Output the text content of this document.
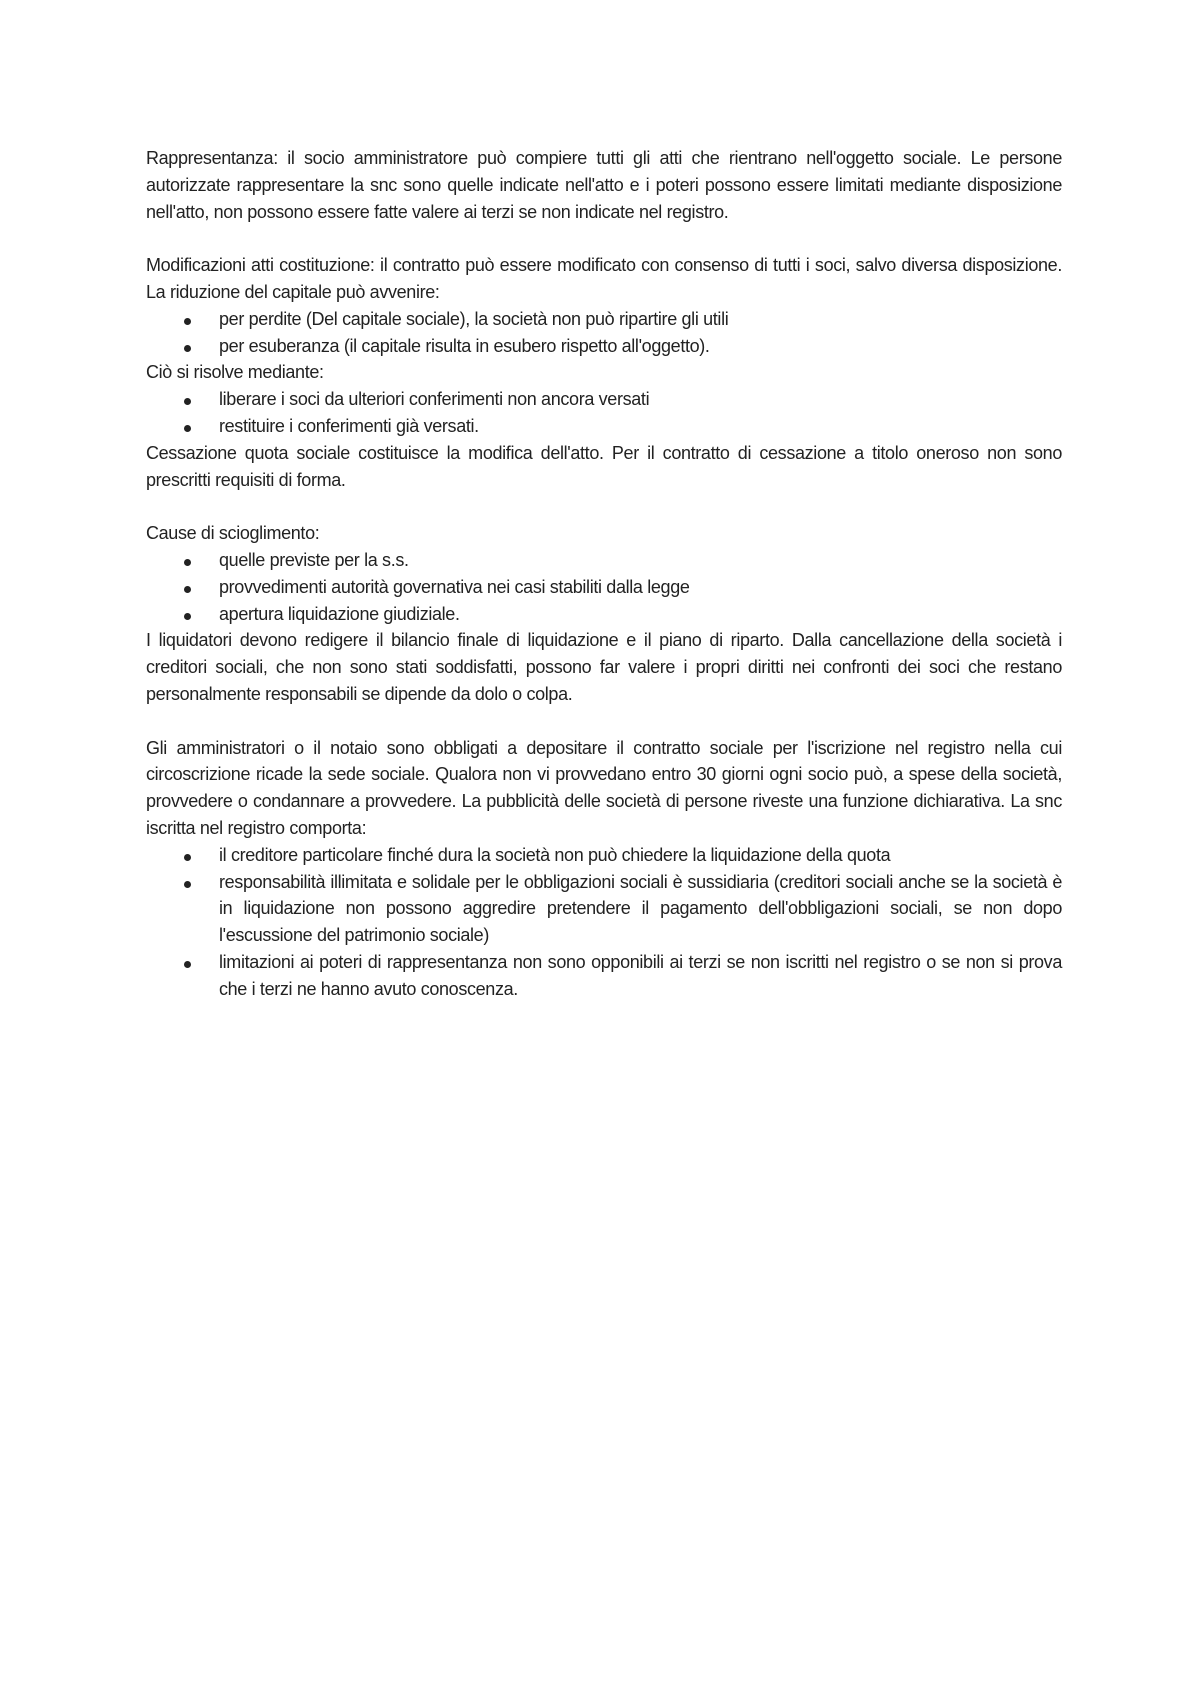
Rappresentanza: il socio amministratore può compiere tutti gli atti che rientrano nell'oggetto sociale. Le persone autorizzate rappresentare la snc sono quelle indicate nell'atto e i poteri possono essere limitati mediante disposizione nell'atto, non possono essere fatte valere ai terzi se non indicate nel registro.

Modificazioni atti costituzione: il contratto può essere modificato con consenso di tutti i soci, salvo diversa disposizione. La riduzione del capitale può avvenire:

per perdite (Del capitale sociale), la società non può ripartire gli utili
per esuberanza (il capitale risulta in esubero rispetto all'oggetto).

Ciò si risolve mediante:

liberare i soci da ulteriori conferimenti non ancora versati
restituire i conferimenti già versati.

Cessazione quota sociale costituisce la modifica dell'atto. Per il contratto di cessazione a titolo oneroso non sono prescritti requisiti di forma.

Cause di scioglimento:

quelle previste per la s.s.
provvedimenti autorità governativa nei casi stabiliti dalla legge
apertura liquidazione giudiziale.

I liquidatori devono redigere il bilancio finale di liquidazione e il piano di riparto. Dalla cancellazione della società i creditori sociali, che non sono stati soddisfatti, possono far valere i propri diritti nei confronti dei soci che restano personalmente responsabili se dipende da dolo o colpa.

Gli amministratori o il notaio sono obbligati a depositare il contratto sociale per l'iscrizione nel registro nella cui circoscrizione ricade la sede sociale. Qualora non vi provvedano entro 30 giorni ogni socio può, a spese della società, provvedere o condannare a provvedere. La pubblicità delle società di persone riveste una funzione dichiarativa. La snc iscritta nel registro comporta:

il creditore particolare finché dura la società non può chiedere la liquidazione della quota
responsabilità illimitata e solidale per le obbligazioni sociali è sussidiaria (creditori sociali anche se la società è in liquidazione non possono aggredire pretendere il pagamento dell'obbligazioni sociali, se non dopo l'escussione del patrimonio sociale)
limitazioni ai poteri di rappresentanza non sono opponibili ai terzi se non iscritti nel registro o se non si prova che i terzi ne hanno avuto conoscenza.
